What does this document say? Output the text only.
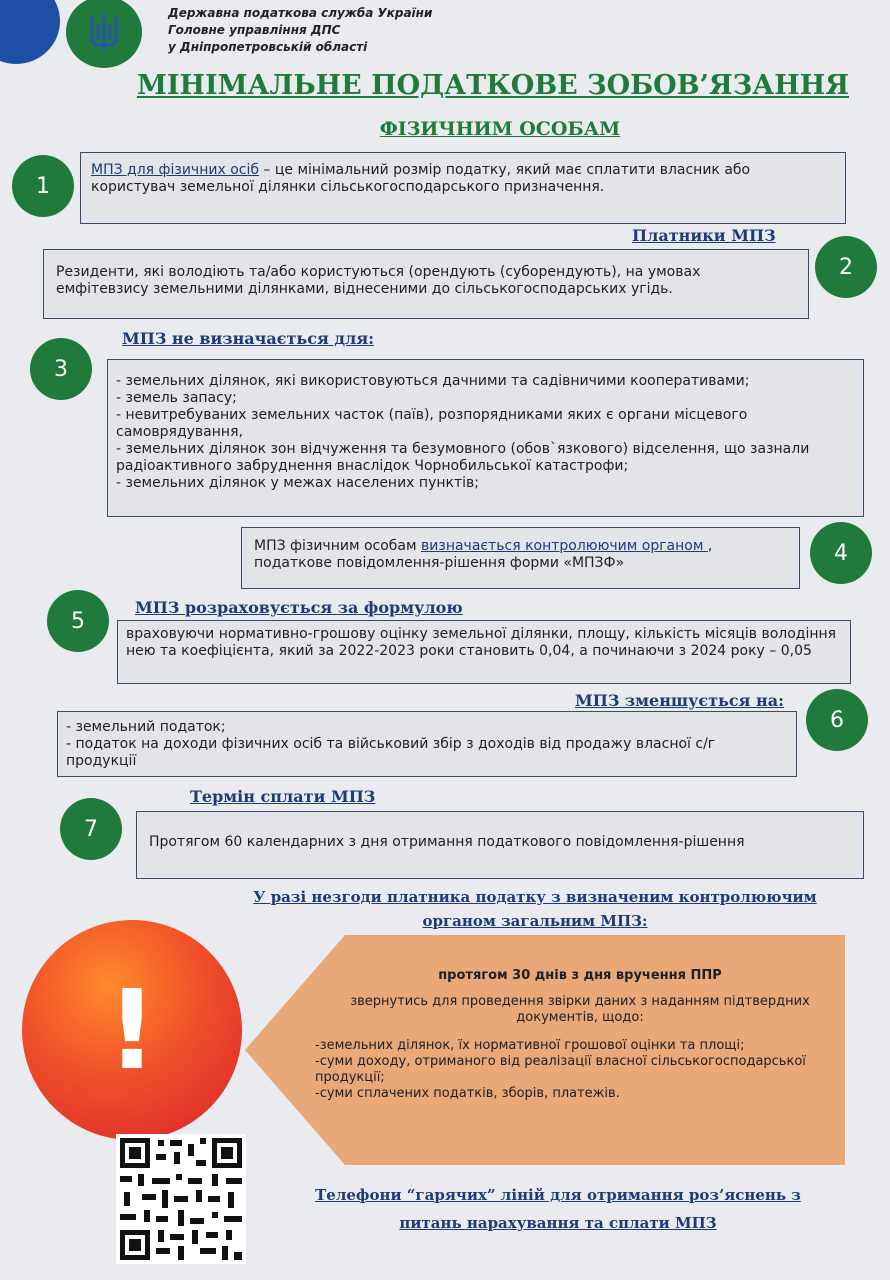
Державна податкова служба України
Головне управління ДПС
у Дніпропетровській області
МІНІМАЛЬНЕ ПОДАТКОВЕ ЗОБОВ’ЯЗАННЯ
ФІЗИЧНИМ ОСОБАМ
1
МПЗ для фізичних осіб – це мінімальний розмір податку, який має сплатити власник або користувач земельної ділянки сільськогосподарського призначення.
Платники МПЗ
2
Резиденти, які володіють та/або користуються (орендують (суборендують), на умовах емфітевзису земельними ділянками, віднесеними до сільськогосподарських угідь.
МПЗ не визначається для:
3	- земельних ділянок, які використовуються дачними та садівничими кооперативами;
- земель запасу;
- невитребуваних земельних часток (паїв), розпорядниками яких є органи місцевого самоврядування,
- земельних ділянок зон відчуження та безумовного (обов`язкового) відселення, що зазнали радіоактивного забруднення внаслідок Чорнобильської катастрофи;
- земельних ділянок у межах населених пунктів;
МПЗ фізичним особам визначається контролюючим органом , податкове повідомлення-рішення форми «МПЗФ»	4
5
МПЗ розраховується за формулою
враховуючи нормативно-грошову оцінку земельної ділянки, площу, кількість місяців володіння нею та коефіцієнта, який за 2022-2023 роки становить 0,04, а починаючи з 2024 року – 0,05
МПЗ зменшується на:
6
- земельний податок;
- податок на доходи фізичних осіб та військовий збір з доходів від продажу власної с/г продукції
Термін сплати МПЗ
7
Протягом 60 календарних з дня отримання податкового повідомлення-рішення
У разі незгоди платника податку з визначеним контролюючим
органом загальним МПЗ:
!	протягом 30 днів з дня вручення ППР
звернутись для проведення звірки даних з наданням підтвердних документів, щодо:
-земельних ділянок, їх нормативної грошової оцінки та площі;
-суми доходу, отриманого від реалізації власної сільськогосподарської продукції;
-суми сплачених податків, зборів, платежів.
Телефони “гарячих” ліній для отримання роз’яснень з
питань нарахування та сплати МПЗ
